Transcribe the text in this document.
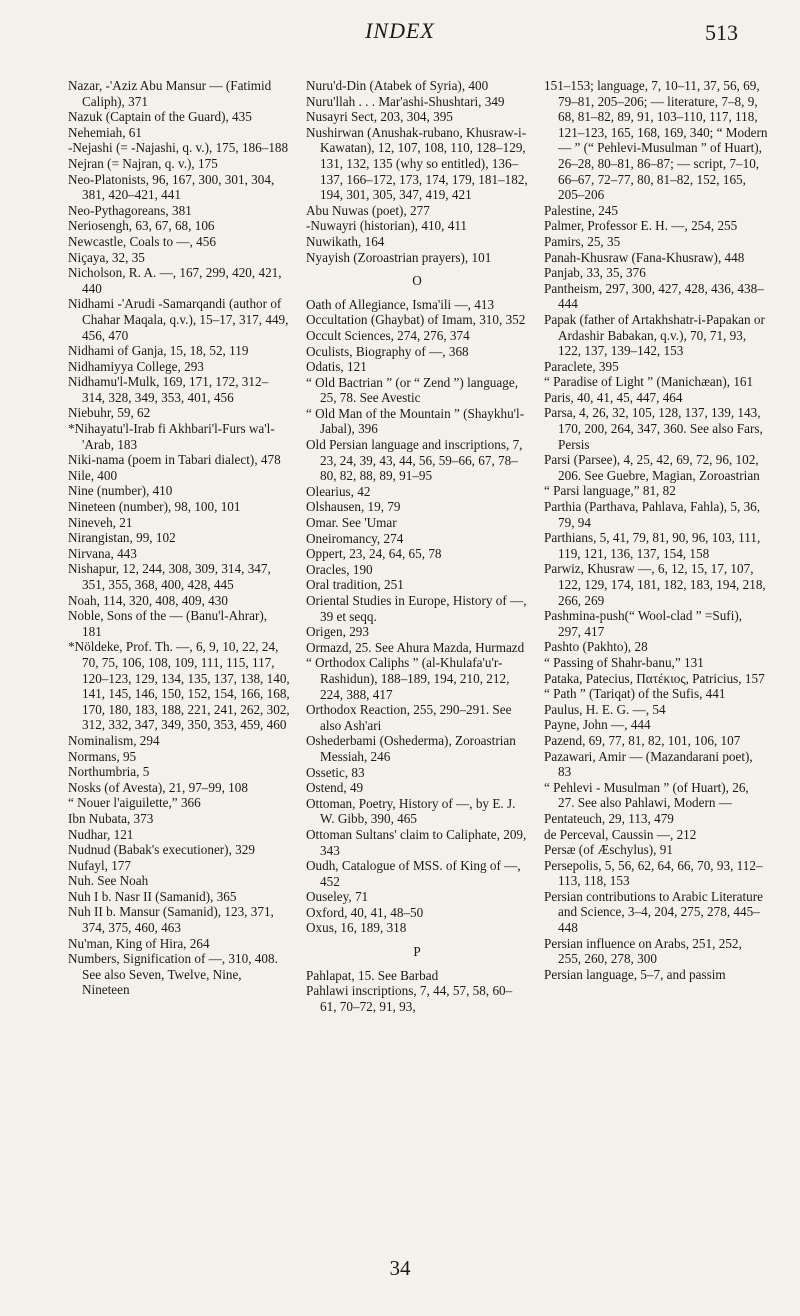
INDEX	513

Nazar, -'Aziz Abu Mansur — (Fatimid Caliph), 371

Nazuk (Captain of the Guard), 435

Nehemiah, 61

-Nejashi (= -Najashi, q. v.), 175, 186–188

Nejran (= Najran, q. v.), 175

Neo-Platonists, 96, 167, 300, 301, 304, 381, 420–421, 441

Neo-Pythagoreans, 381

Neriosengh, 63, 67, 68, 106

Newcastle, Coals to —, 456

Niçaya, 32, 35

Nicholson, R. A. —, 167, 299, 420, 421, 440

Nidhami -'Arudi -Samarqandi (author of Chahar Maqala, q.v.), 15–17, 317, 449, 456, 470

Nidhami of Ganja, 15, 18, 52, 119

Nidhamiyya College, 293

Nidhamu'l-Mulk, 169, 171, 172, 312–314, 328, 349, 353, 401, 456

Niebuhr, 59, 62

*Nihayatu'l-Irab fi Akhbari'l-Furs wa'l-'Arab, 183

Niki-nama (poem in Tabari dialect), 478

Nile, 400

Nine (number), 410

Nineteen (number), 98, 100, 101

Nineveh, 21

Nirangistan, 99, 102

Nirvana, 443

Nishapur, 12, 244, 308, 309, 314, 347, 351, 355, 368, 400, 428, 445

Noah, 114, 320, 408, 409, 430

Noble, Sons of the — (Banu'l-Ahrar), 181

*Nöldeke, Prof. Th. —, 6, 9, 10, 22, 24, 70, 75, 106, 108, 109, 111, 115, 117, 120–123, 129, 134, 135, 137, 138, 140, 141, 145, 146, 150, 152, 154, 166, 168, 170, 180, 183, 188, 221, 241, 262, 302, 312, 332, 347, 349, 350, 353, 459, 460

Nominalism, 294

Normans, 95

Northumbria, 5

Nosks (of Avesta), 21, 97–99, 108

“ Nouer l'aiguilette,” 366

Ibn Nubata, 373

Nudhar, 121

Nudnud (Babak's executioner), 329

Nufayl, 177

Nuh. See Noah

Nuh I b. Nasr II (Samanid), 365

Nuh II b. Mansur (Samanid), 123, 371, 374, 375, 460, 463

Nu'man, King of Hira, 264

Numbers, Signification of —, 310, 408. See also Seven, Twelve, Nine, Nineteen

Nuru'd-Din (Atabek of Syria), 400

Nuru'llah . . . Mar'ashi-Shushtari, 349

Nusayri Sect, 203, 304, 395

Nushirwan (Anushak-rubano, Khusraw-i-Kawatan), 12, 107, 108, 110, 128–129, 131, 132, 135 (why so entitled), 136–137, 166–172, 173, 174, 179, 181–182, 194, 301, 305, 347, 419, 421

Abu Nuwas (poet), 277

-Nuwayri (historian), 410, 411

Nuwikath, 164

Nyayish (Zoroastrian prayers), 101

O

Oath of Allegiance, Isma'ili —, 413

Occultation (Ghaybat) of Imam, 310, 352

Occult Sciences, 274, 276, 374

Oculists, Biography of —, 368

Odatis, 121

“ Old Bactrian ” (or “ Zend ”) language, 25, 78. See Avestic

“ Old Man of the Mountain ” (Shaykhu'l-Jabal), 396

Old Persian language and inscriptions, 7, 23, 24, 39, 43, 44, 56, 59–66, 67, 78–80, 82, 88, 89, 91–95

Olearius, 42

Olshausen, 19, 79

Omar. See 'Umar

Oneiromancy, 274

Oppert, 23, 24, 64, 65, 78

Oracles, 190

Oral tradition, 251

Oriental Studies in Europe, History of —, 39 et seqq.

Origen, 293

Ormazd, 25. See Ahura Mazda, Hurmazd

“ Orthodox Caliphs ” (al-Khulafa'u'r-Rashidun), 188–189, 194, 210, 212, 224, 388, 417

Orthodox Reaction, 255, 290–291. See also Ash'ari

Oshederbami (Oshederma), Zoroastrian Messiah, 246

Ossetic, 83

Ostend, 49

Ottoman, Poetry, History of —, by E. J. W. Gibb, 390, 465

Ottoman Sultans' claim to Caliphate, 209, 343

Oudh, Catalogue of MSS. of King of —, 452

Ouseley, 71

Oxford, 40, 41, 48–50

Oxus, 16, 189, 318

P

Pahlapat, 15. See Barbad

Pahlawi inscriptions, 7, 44, 57, 58, 60–61, 70–72, 91, 93,

151–153; language, 7, 10–11, 37, 56, 69, 79–81, 205–206; — literature, 7–8, 9, 68, 81–82, 89, 91, 103–110, 117, 118, 121–123, 165, 168, 169, 340; “ Modern — ” (“ Pehlevi-Musulman ” of Huart), 26–28, 80–81, 86–87; — script, 7–10, 66–67, 72–77, 80, 81–82, 152, 165, 205–206

Palestine, 245

Palmer, Professor E. H. —, 254, 255

Pamirs, 25, 35

Panah-Khusraw (Fana-Khusraw), 448

Panjab, 33, 35, 376

Pantheism, 297, 300, 427, 428, 436, 438–444

Papak (father of Artakhshatr-i-Papakan or Ardashir Babakan, q.v.), 70, 71, 93, 122, 137, 139–142, 153

Paraclete, 395

“ Paradise of Light ” (Manichæan), 161

Paris, 40, 41, 45, 447, 464

Parsa, 4, 26, 32, 105, 128, 137, 139, 143, 170, 200, 264, 347, 360. See also Fars, Persis

Parsi (Parsee), 4, 25, 42, 69, 72, 96, 102, 206. See Guebre, Magian, Zoroastrian

“ Parsi language,” 81, 82

Parthia (Parthava, Pahlava, Fahla), 5, 36, 79, 94

Parthians, 5, 41, 79, 81, 90, 96, 103, 111, 119, 121, 136, 137, 154, 158

Parwiz, Khusraw —, 6, 12, 15, 17, 107, 122, 129, 174, 181, 182, 183, 194, 218, 266, 269

Pashmina-push(“ Wool-clad ” =Sufi), 297, 417

Pashto (Pakhto), 28

“ Passing of Shahr-banu,” 131

Pataka, Patecius, Πατέκιος, Patricius, 157

“ Path ” (Tariqat) of the Sufis, 441

Paulus, H. E. G. —, 54

Payne, John —, 444

Pazend, 69, 77, 81, 82, 101, 106, 107

Pazawari, Amir — (Mazandarani poet), 83

“ Pehlevi - Musulman ” (of Huart), 26, 27. See also Pahlawi, Modern —

Pentateuch, 29, 113, 479

de Perceval, Caussin —, 212

Persæ (of Æschylus), 91

Persepolis, 5, 56, 62, 64, 66, 70, 93, 112–113, 118, 153

Persian contributions to Arabic Literature and Science, 3–4, 204, 275, 278, 445–448

Persian influence on Arabs, 251, 252, 255, 260, 278, 300

Persian language, 5–7, and passim

34
